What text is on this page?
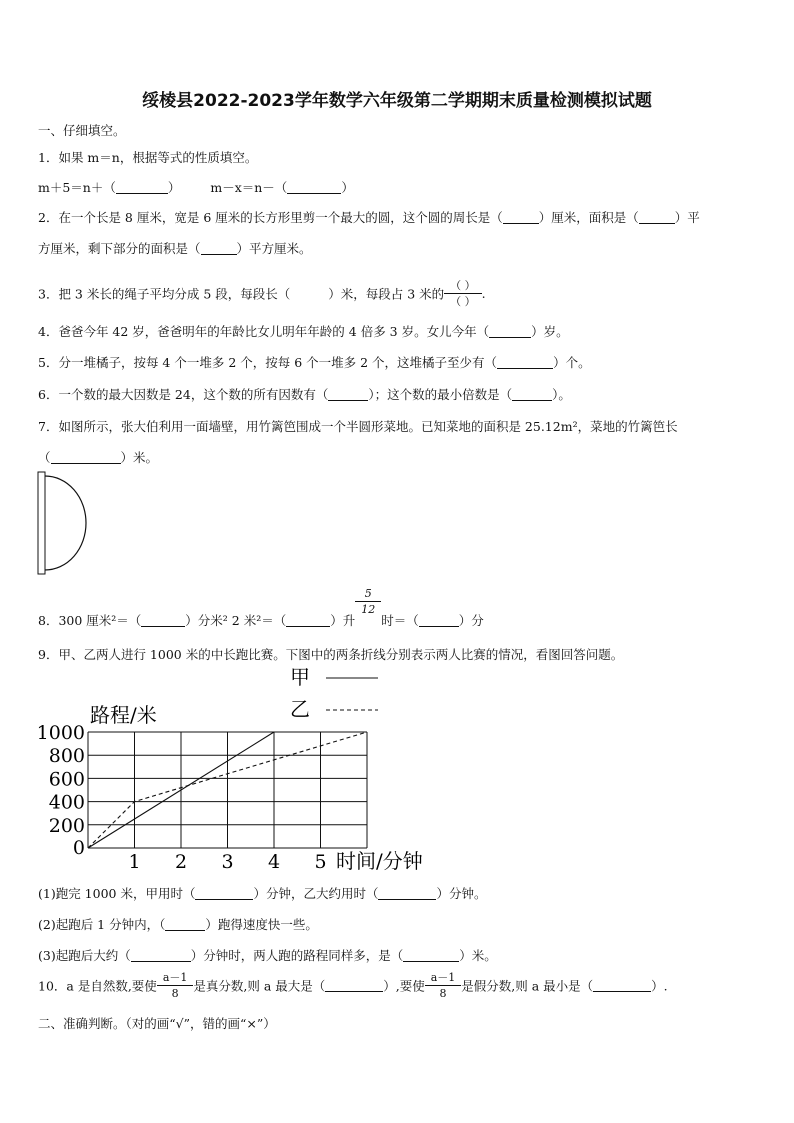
绥棱县2022-2023学年数学六年级第二学期期末质量检测模拟试题
一、仔细填空。
1．如果 m＝n，根据等式的性质填空。
m＋5＝n＋（	） m－x＝n－（	）
2．在一个长是 8 厘米，宽是 6 厘米的长方形里剪一个最大的圆，这个圆的周长是（	）厘米，面积是（	）平
方厘米，剩下部分的面积是（	）平方厘米。
3．把 3 米长的绳子平均分成 5 段，每段长（	）米，每段占 3 米的 $\frac{( )}{( )}$ .
4．爸爸今年 42 岁，爸爸明年的年龄比女儿明年年龄的 4 倍多 3 岁。女儿今年（	）岁。
5．分一堆橘子，按每 4 个一堆多 2 个，按每 6 个一堆多 2 个，这堆橘子至少有（	）个。
6．一个数的最大因数是 24，这个数的所有因数有（	）；这个数的最小倍数是（	）。
7．如图所示，张大伯利用一面墙壁，用竹篱笆围成一个半圆形菜地。已知菜地的面积是 25.12m²，菜地的竹篱笆长
（	）米。
8．300 厘米²＝（	）分米² 2 米²＝（	）升
$\frac{5}{12}$
时＝（	）分
9．甲、乙两人进行 1000 米的中长跑比赛。下图中的两条折线分别表示两人比赛的情况，看图回答问题。
甲
乙
路程/米
200
400
600
800
1000
0
1 2 3 4 5 时间/分钟
(1)跑完 1000 米，甲用时（	）分钟，乙大约用时（	）分钟。
(2)起跑后 1 分钟内，（	）跑得速度快一些。
(3)起跑后大约（	）分钟时，两人跑的路程同样多，是（	）米。
10．a 是自然数,要使 $\frac{a-1}{8}$ 是真分数,则 a 最大是（	）,要使 $\frac{a-1}{8}$ 是假分数,则 a 最小是（	）.
二、准确判断。（对的画“√”，错的画“×”）
